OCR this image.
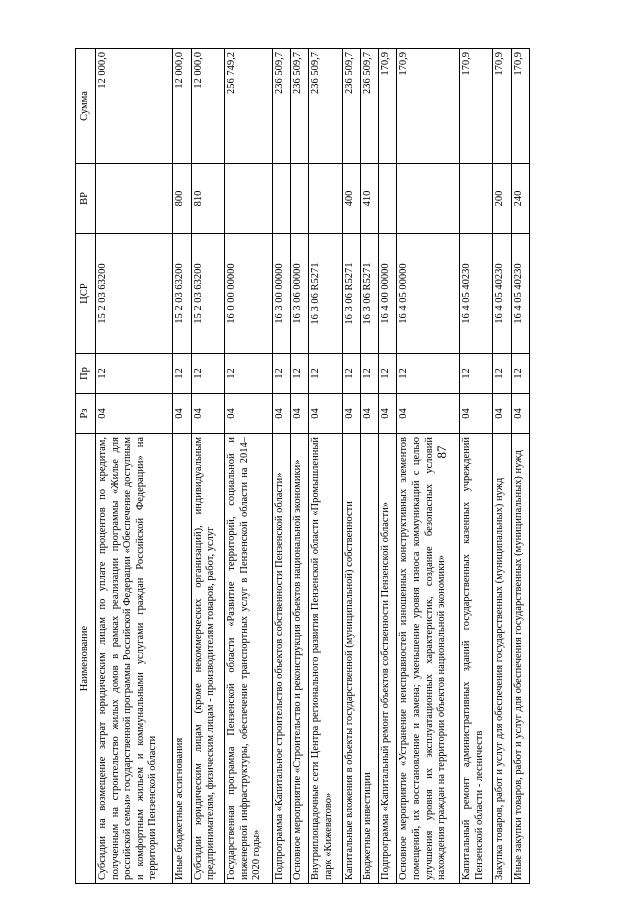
87
Наименование	Рз	Пр	ЦСР	ВР	Сумма
Субсидии на возмещение затрат юридическим лицам по уплате процентов по кредитам, полученным на строительство жилых домов в рамках реализации программы «Жилье для российской семьи» государственной программы Российской Федерации «Обеспечение доступным и комфортным жильем и коммунальными услугами граждан Российской Федерации» на территории Пензенской области	04	12	15 2 03 63200		12 000,0
Иные бюджетные ассигнования	04	12	15 2 03 63200	800	12 000,0
Субсидии юридическим лицам (кроме некоммерческих организаций), индивидуальным предпринимателям, физическим лицам - производителям товаров, работ, услуг	04	12	15 2 03 63200	810	12 000,0
Государственная программа Пензенской области «Развитие территорий, социальной и инженерной инфраструктуры, обеспечение транспортных услуг в Пензенской области на 2014–2020 годы»	04	12	16 0 00 00000		256 749,2
Подпрограмма «Капитальное строительство объектов собственности Пензенской области»	04	12	16 3 00 00000		236 509,7
Основное мероприятие «Строительство и реконструкция объектов национальной экономики»	04	12	16 3 06 00000		236 509,7
Внутриплощадочные сети Центра регионального развития Пензенской области «Промышленный парк «Кижеватово»	04	12	16 3 06 R5271		236 509,7
Капитальные вложения в объекты государственной (муниципальной) собственности	04	12	16 3 06 R5271	400	236 509,7
Бюджетные инвестиции	04	12	16 3 06 R5271	410	236 509,7
Подпрограмма «Капитальный ремонт объектов собственности Пензенской области»	04	12	16 4 00 00000		170,9
Основное мероприятие «Устранение неисправностей изношенных конструктивных элементов помещений, их восстановление и замена; уменьшение уровня износа коммуникаций с целью улучшения уровня их эксплуатационных характеристик, создание безопасных условий нахождения граждан на территории объектов национальной экономики»	04	12	16 4 05 00000		170,9
Капитальный ремонт административных зданий государственных казенных учреждений Пензенской области - лесничеств	04	12	16 4 05 40230		170,9
Закупка товаров, работ и услуг для обеспечения государственных (муниципальных) нужд	04	12	16 4 05 40230	200	170,9
Иные закупки товаров, работ и услуг для обеспечения государственных (муниципальных) нужд	04	12	16 4 05 40230	240	170,9
